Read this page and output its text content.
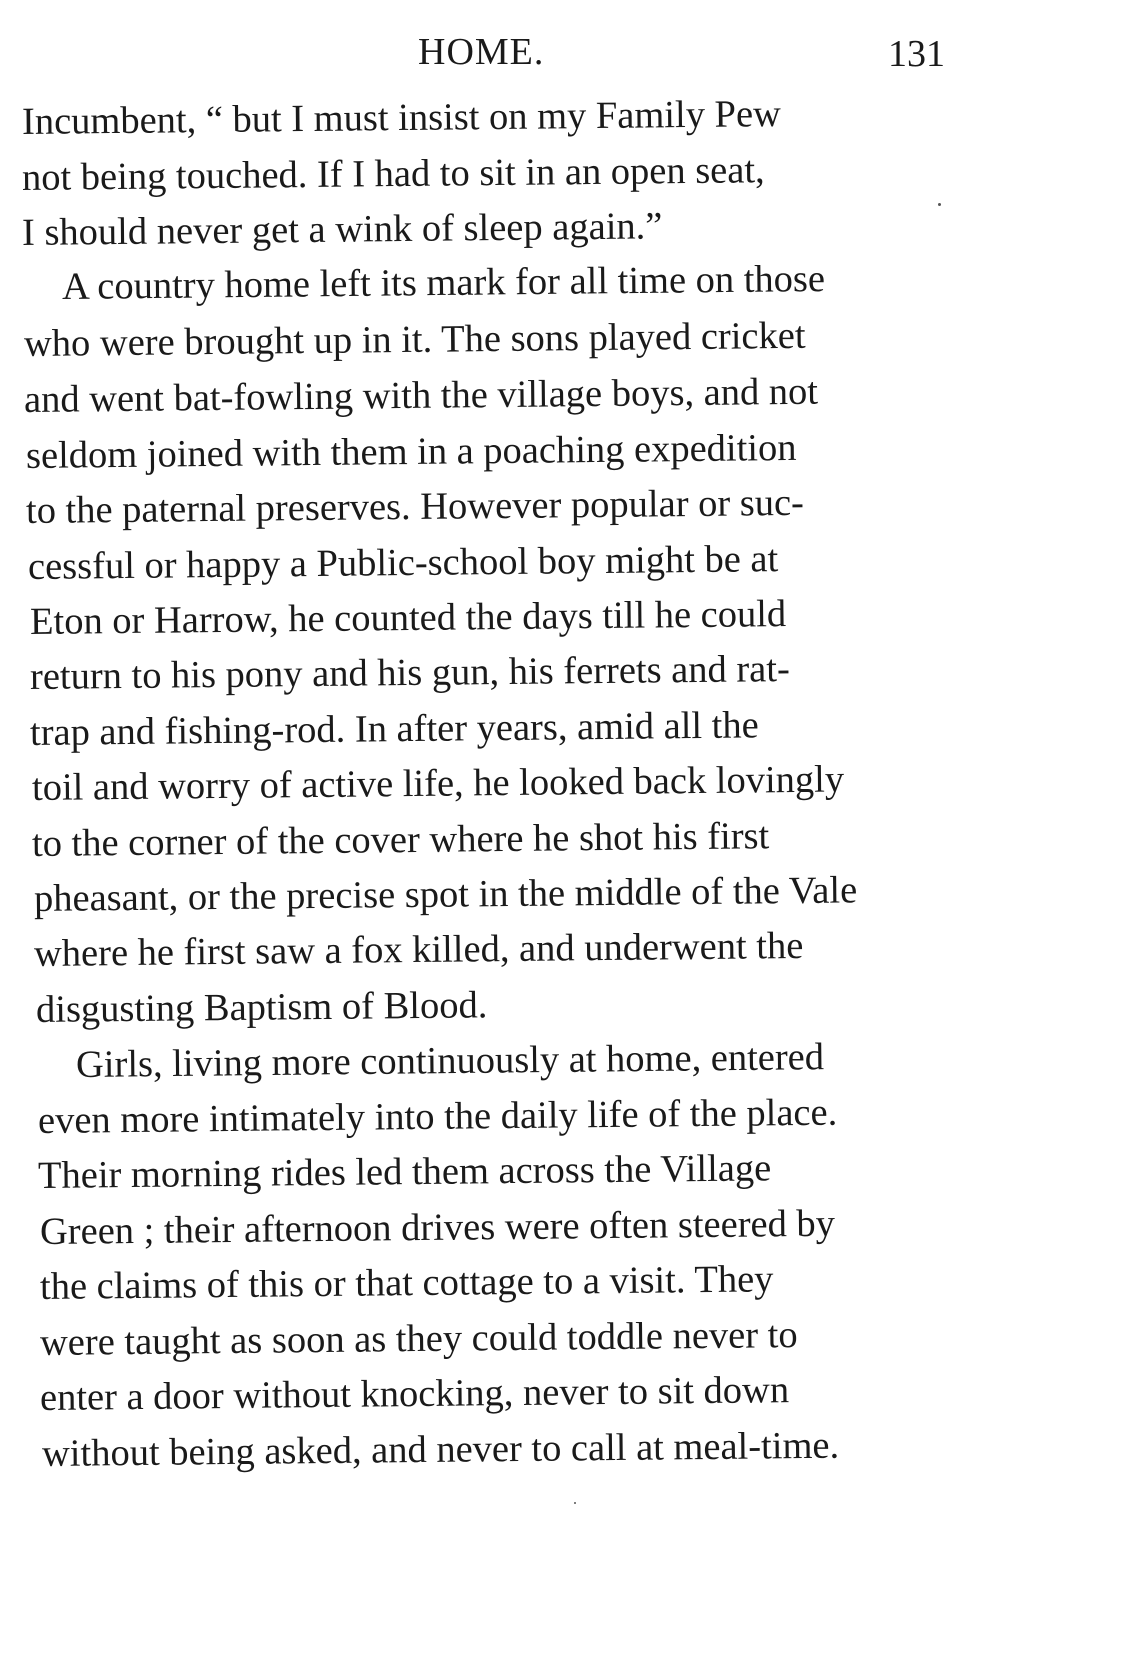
HOME.	131
Incumbent, “ but I must insist on my Family Pew
not being touched. If I had to sit in an open seat,
I should never get a wink of sleep again.”
A country home left its mark for all time on those
who were brought up in it. The sons played cricket
and went bat-fowling with the village boys, and not
seldom joined with them in a poaching expedition
to the paternal preserves. However popular or suc-
cessful or happy a Public-school boy might be at
Eton or Harrow, he counted the days till he could
return to his pony and his gun, his ferrets and rat-
trap and fishing-rod. In after years, amid all the
toil and worry of active life, he looked back lovingly
to the corner of the cover where he shot his first
pheasant, or the precise spot in the middle of the Vale
where he first saw a fox killed, and underwent the
disgusting Baptism of Blood.
Girls, living more continuously at home, entered
even more intimately into the daily life of the place.
Their morning rides led them across the Village
Green ; their afternoon drives were often steered by
the claims of this or that cottage to a visit. They
were taught as soon as they could toddle never to
enter a door without knocking, never to sit down
without being asked, and never to call at meal-time.
